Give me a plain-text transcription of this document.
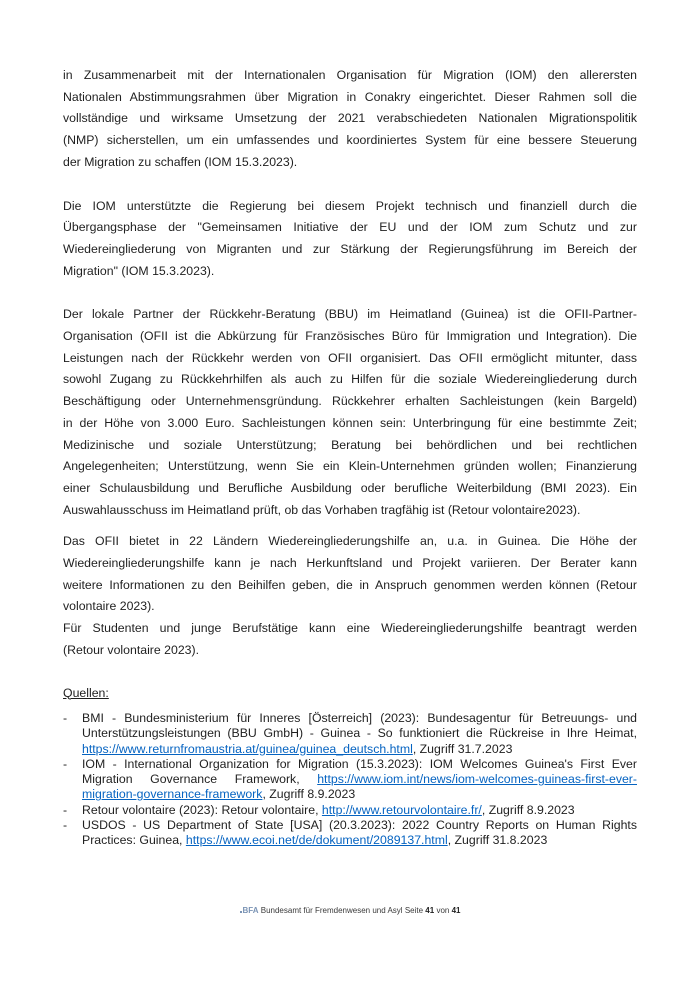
in Zusammenarbeit mit der Internationalen Organisation für Migration (IOM) den allerersten
Nationalen Abstimmungsrahmen über Migration in Conakry eingerichtet. Dieser Rahmen soll die
vollständige und wirksame Umsetzung der 2021 verabschiedeten Nationalen Migrationspolitik
(NMP) sicherstellen, um ein umfassendes und koordiniertes System für eine bessere Steuerung
der Migration zu schaffen (IOM 15.3.2023).
Die IOM unterstützte die Regierung bei diesem Projekt technisch und finanziell durch die
Übergangsphase der "Gemeinsamen Initiative der EU und der IOM zum Schutz und zur
Wiedereingliederung von Migranten und zur Stärkung der Regierungsführung im Bereich der
Migration" (IOM 15.3.2023).
Der lokale Partner der Rückkehr-Beratung (BBU) im Heimatland (Guinea) ist die OFII-Partner-
Organisation (OFII ist die Abkürzung für Französisches Büro für Immigration und Integration). Die
Leistungen nach der Rückkehr werden von OFII organisiert. Das OFII ermöglicht mitunter, dass
sowohl Zugang zu Rückkehrhilfen als auch zu Hilfen für die soziale Wiedereingliederung durch
Beschäftigung oder Unternehmensgründung. Rückkehrer erhalten Sachleistungen (kein Bargeld)
in der Höhe von 3.000 Euro. Sachleistungen können sein: Unterbringung für eine bestimmte Zeit;
Medizinische und soziale Unterstützung; Beratung bei behördlichen und bei rechtlichen
Angelegenheiten; Unterstützung, wenn Sie ein Klein-Unternehmen gründen wollen; Finanzierung
einer Schulausbildung und Berufliche Ausbildung oder berufliche Weiterbildung (BMI 2023). Ein
Auswahlausschuss im Heimatland prüft, ob das Vorhaben tragfähig ist (Retour volontaire2023).
Das OFII bietet in 22 Ländern Wiedereingliederungshilfe an, u.a. in Guinea. Die Höhe der
Wiedereingliederungshilfe kann je nach Herkunftsland und Projekt variieren. Der Berater kann
weitere Informationen zu den Beihilfen geben, die in Anspruch genommen werden können (Retour
volontaire 2023).
Für Studenten und junge Berufstätige kann eine Wiedereingliederungshilfe beantragt werden
(Retour volontaire 2023).
Quellen:
-	BMI - Bundesministerium für Inneres [Österreich] (2023): Bundesagentur für Betreuungs- und
Unterstützungsleistungen (BBU GmbH) - Guinea - So funktioniert die Rückreise in Ihre Heimat,
https://www.returnfromaustria.at/guinea/guinea_deutsch.html, Zugriff 31.7.2023
-	IOM - International Organization for Migration (15.3.2023): IOM Welcomes Guinea's First Ever
Migration Governance Framework, https://www.iom.int/news/iom-welcomes-guineas-first-ever-
migration-governance-framework, Zugriff 8.9.2023
-	Retour volontaire (2023): Retour volontaire, http://www.retourvolontaire.fr/, Zugriff 8.9.2023
-	USDOS - US Department of State [USA] (20.3.2023): 2022 Country Reports on Human Rights
Practices: Guinea, https://www.ecoi.net/de/dokument/2089137.html, Zugriff 31.8.2023
BFA Bundesamt für Fremdenwesen und Asyl Seite 41 von 41
